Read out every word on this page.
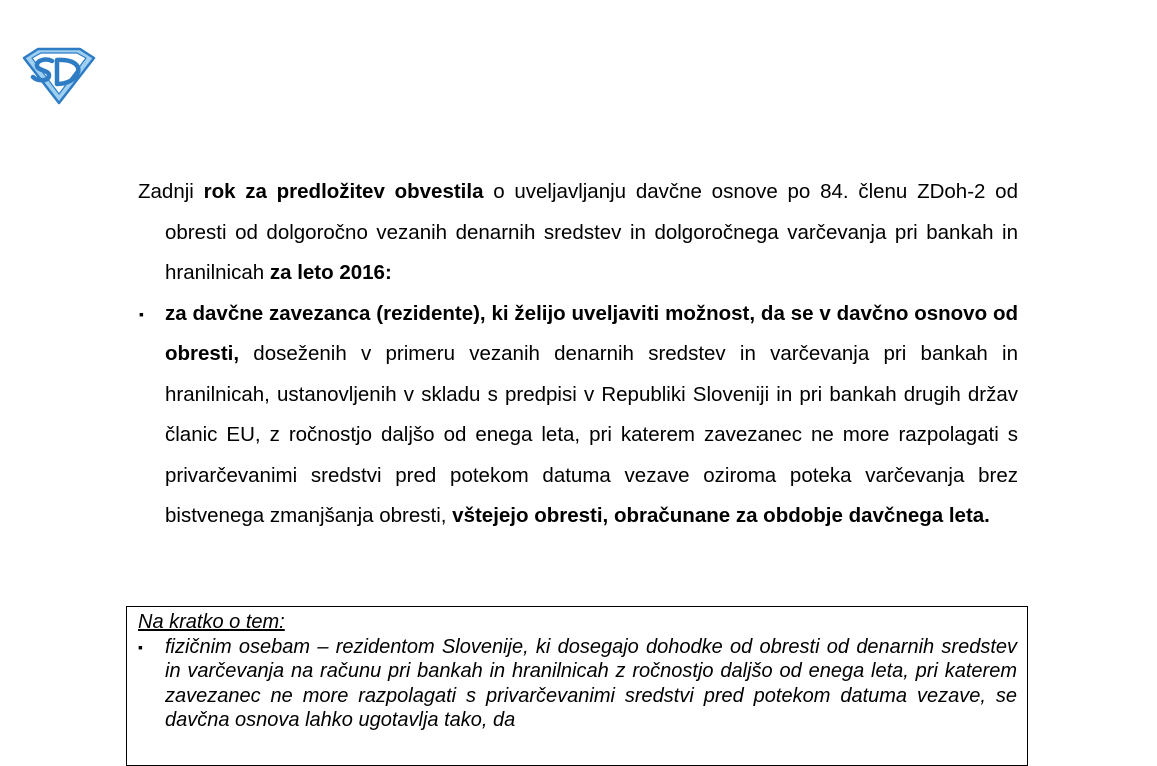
Zadnji rok za predložitev obvestila o uveljavljanju davčne osnove po 84. členu ZDoh-2 od obresti od dolgoročno vezanih denarnih sredstev in dolgoročnega varčevanja pri bankah in hranilnicah za leto 2016:

▪ za davčne zavezanca (rezidente), ki želijo uveljaviti možnost, da se v davčno osnovo od obresti, doseženih v primeru vezanih denarnih sredstev in varčevanja pri bankah in hranilnicah, ustanovljenih v skladu s predpisi v Republiki Sloveniji in pri bankah drugih držav članic EU, z ročnostjo daljšo od enega leta, pri katerem zavezanec ne more razpolagati s privarčevanimi sredstvi pred potekom datuma vezave oziroma poteka varčevanja brez bistvenega zmanjšanja obresti, vštejejo obresti, obračunane za obdobje davčnega leta.

Na kratko o tem:

▪ fizičnim osebam – rezidentom Slovenije, ki dosegajo dohodke od obresti od denarnih sredstev in varčevanja na računu pri bankah in hranilnicah z ročnostjo daljšo od enega leta, pri katerem zavezanec ne more razpolagati s privarčevanimi sredstvi pred potekom datuma vezave, se davčna osnova lahko ugotavlja tako, da
